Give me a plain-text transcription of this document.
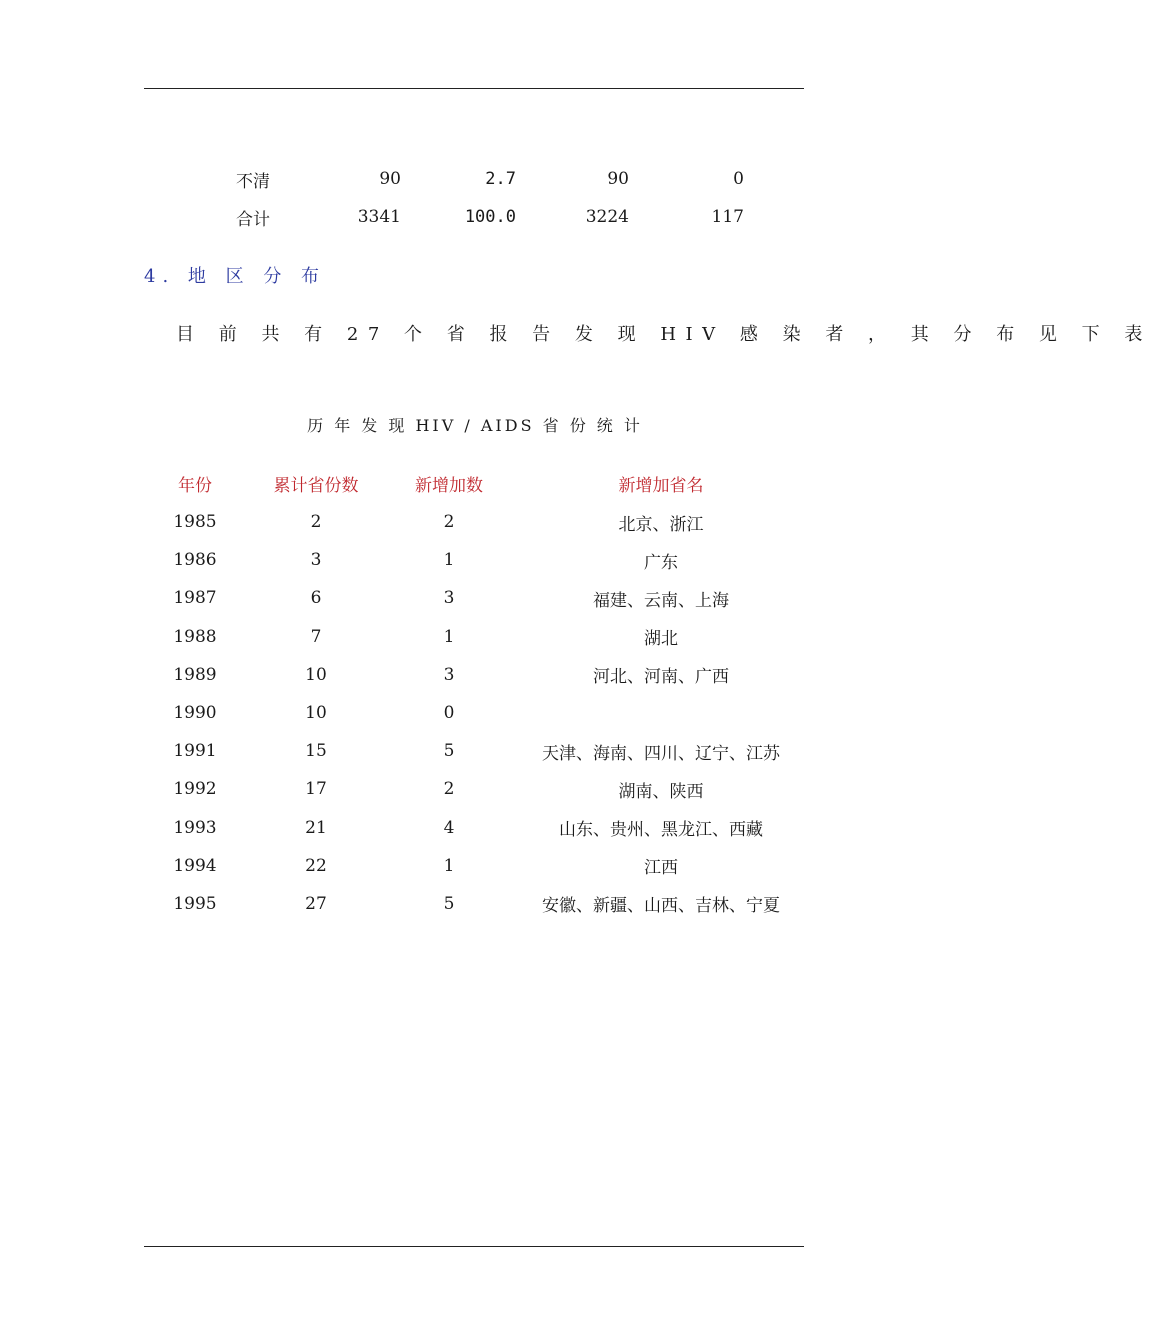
不清	90	2.7	90	0
合计	3341	100.0	3224	117
4. 地 区 分 布
目 前 共 有 27 个 省 报 告 发 现 HIV 感 染 者 ， 其 分 布 见 下 表
历 年 发 现 HIV / AIDS 省 份 统 计
年份	累计省份数	新增加数	新增加省名
1985	2	2	北京、浙江
1986	3	1	广东
1987	6	3	福建、云南、上海
1988	7	1	湖北
1989	10	3	河北、河南、广西
1990	10	0	
1991	15	5	天津、海南、四川、辽宁、江苏
1992	17	2	湖南、陕西
1993	21	4	山东、贵州、黑龙江、西藏
1994	22	1	江西
1995	27	5	安徽、新疆、山西、吉林、宁夏
